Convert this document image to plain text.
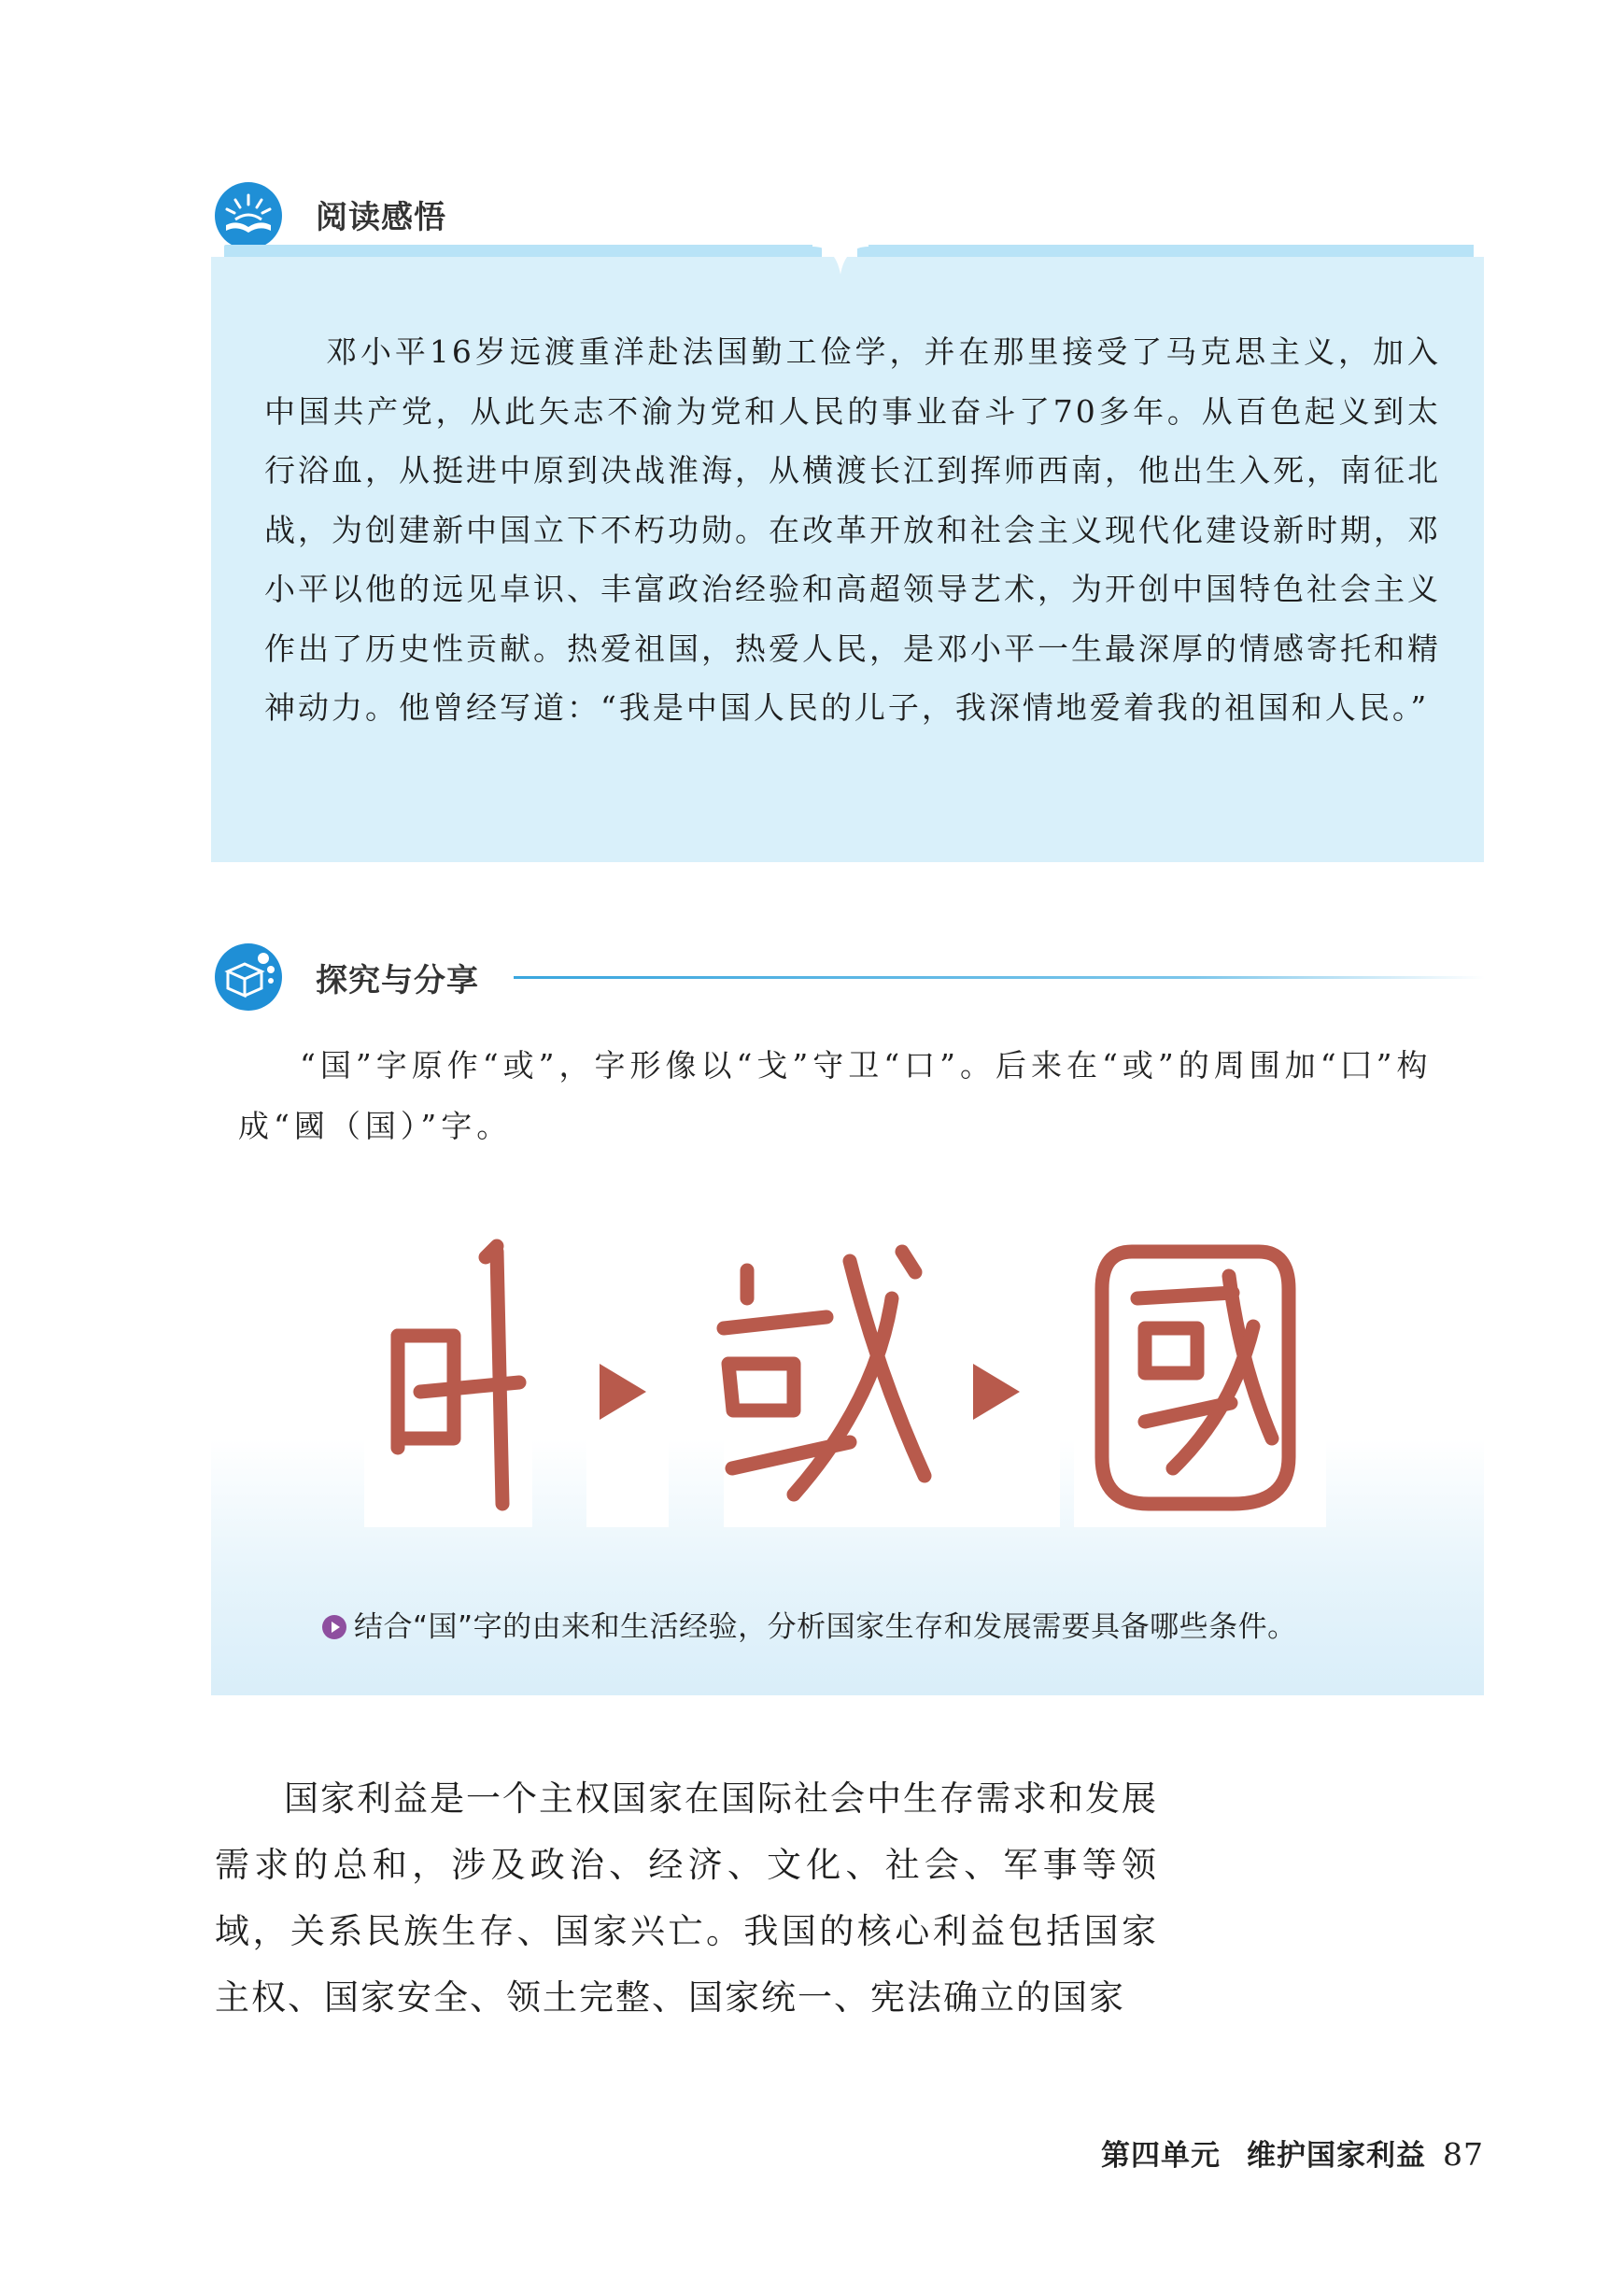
阅读感悟

邓小平16岁远渡重洋赴法国勤工俭学，并在那里接受了马克思主义，加入中国共产党，从此矢志不渝为党和人民的事业奋斗了70多年。从百色起义到太行浴血，从挺进中原到决战淮海，从横渡长江到挥师西南，他出生入死，南征北战，为创建新中国立下不朽功勋。在改革开放和社会主义现代化建设新时期，邓小平以他的远见卓识、丰富政治经验和高超领导艺术，为开创中国特色社会主义作出了历史性贡献。热爱祖国，热爱人民，是邓小平一生最深厚的情感寄托和精神动力。他曾经写道：“我是中国人民的儿子，我深情地爱着我的祖国和人民。”

探究与分享

“国”字原作“或”，字形像以“戈”守卫“口”。后来在“或”的周围加“囗”构成“國（国）”字。

结合“国”字的由来和生活经验，分析国家生存和发展需要具备哪些条件。

国家利益是一个主权国家在国际社会中生存需求和发展需求的总和，涉及政治、经济、文化、社会、军事等领域，关系民族生存、国家兴亡。我国的核心利益包括国家主权、国家安全、领土完整、国家统一、宪法确立的国家

第四单元 维护国家利益 87
